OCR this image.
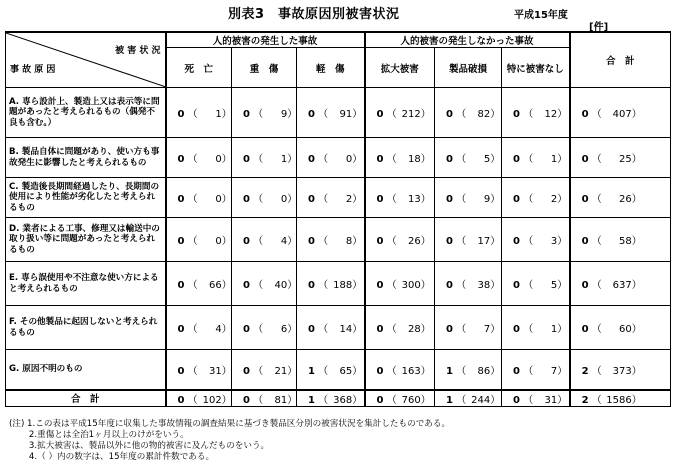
別表3　事故原因別被害状況	平成15年度
[件]
被 害 状 況
事 故 原 因	人的被害の発生した事故			人的被害の発生しなかった事故			合　計
	死　亡	重　傷	軽　傷	拡大被害	製品破損	特に被害なし	
A. 専ら設計上、製造上又は表示等に問題があったと考えられるもの（偶発不良も含む。）	0 （ 1）	0 （ 9）	0 （ 91）	0 （ 212）	0 （ 82）	0 （ 12）	0 （ 407）
B. 製品自体に問題があり、使い方も事故発生に影響したと考えられるもの	0 （ 0）	0 （ 1）	0 （ 0）	0 （ 18）	0 （ 5）	0 （ 1）	0 （ 25）
C. 製造後長期間経過したり、長期間の使用により性能が劣化したと考えられるもの	0 （ 0）	0 （ 0）	0 （ 2）	0 （ 13）	0 （ 9）	0 （ 2）	0 （ 26）
D. 業者による工事、修理又は輸送中の取り扱い等に問題があったと考えられるもの	0 （ 0）	0 （ 4）	0 （ 8）	0 （ 26）	0 （ 17）	0 （ 3）	0 （ 58）
E. 専ら誤使用や不注意な使い方によると考えられるもの	0 （ 66）	0 （ 40）	0 （ 188）	0 （ 300）	0 （ 38）	0 （ 5）	0 （ 637）
F. その他製品に起因しないと考えられるもの	0 （ 4）	0 （ 6）	0 （ 14）	0 （ 28）	0 （ 7）	0 （ 1）	0 （ 60）
G. 原因不明のもの	0 （ 31）	0 （ 21）	1 （ 65）	0 （ 163）	1 （ 86）	0 （ 7）	2 （ 373）
合　計	0 （ 102）	0 （ 81）	1 （ 368）	0 （ 760）	1 （ 244）	0 （ 31）	2 （ 1586）
(注) 1.この表は平成15年度に収集した事故情報の調査結果に基づき製品区分別の被害状況を集計したものである。
　　 2.重傷とは全治1ヶ月以上のけがをいう。
　　 3.拡大被害は、製品以外に他の物的被害に及んだものをいう。
　　 4.（ ）内の数字は、15年度の累計件数である。
